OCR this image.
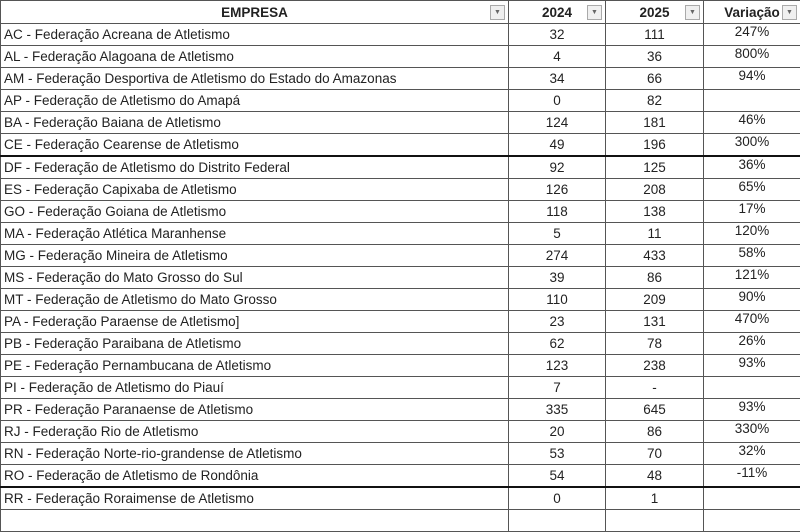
EMPRESA ▼	2024 ▼	2025 ▼	Variação ▼

AC - Federação Acreana de Atletismo	32	111	247%
AL - Federação Alagoana de Atletismo	4	36	800%
AM - Federação Desportiva de Atletismo do Estado do Amazonas	34	66	94%
AP - Federação de Atletismo do Amapá	0	82	
BA - Federação Baiana de Atletismo	124	181	46%
CE - Federação Cearense de Atletismo	49	196	300%
DF - Federação de Atletismo do Distrito Federal	92	125	36%
ES - Federação Capixaba de Atletismo	126	208	65%
GO - Federação Goiana de Atletismo	118	138	17%
MA - Federação Atlética Maranhense	5	11	120%
MG - Federação Mineira de Atletismo	274	433	58%
MS - Federação do Mato Grosso do Sul	39	86	121%
MT - Federação de Atletismo do Mato Grosso	110	209	90%
PA - Federação Paraense de Atletismo]	23	131	470%
PB - Federação Paraibana de Atletismo	62	78	26%
PE - Federação Pernambucana de Atletismo	123	238	93%
PI - Federação de Atletismo do Piauí	7	-	
PR - Federação Paranaense de Atletismo	335	645	93%
RJ - Federação Rio de Atletismo	20	86	330%
RN - Federação Norte-rio-grandense de Atletismo	53	70	32%
RO - Federação de Atletismo de Rondônia	54	48	-11%
RR - Federação Roraimense de Atletismo	0	1	
